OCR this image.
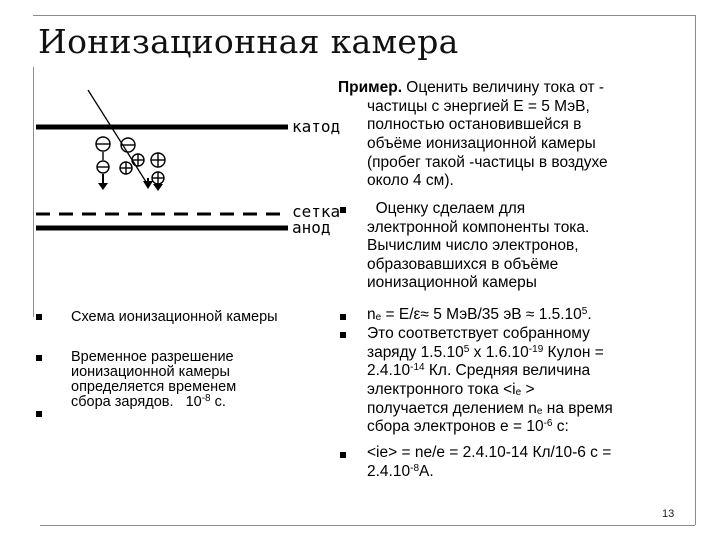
Ионизационная камера
катод
сетка
анод
Схема ионизационной камеры
Временное разрешение
ионизационной камеры
определяется временем
сбора зарядов.   $10^{-8}$ с.
Пример. Оценить величину тока от -
частицы с энергией Е = 5 МэВ,
полностью остановившейся в
объёме ионизационной камеры
(пробег такой -частицы в воздухе
около 4 см).
Оценку сделаем для
электронной компоненты тока.
Вычислим число электронов,
образовавшихся в объёме
ионизационной камеры
$n_e = Е/\varepsilon\approx 5$ МэВ/35 эВ ≈ $1.5.10^5$.
Это соответствует собранному
заряду 1.5.10$^5$ х $1.6.10^{-19}$ Кулон =
$2.4.10^{-14}$ Кл. Средняя величина
электронного тока $<i_e$ >
получается делением $n_e$ на время
сбора электронов $e = 10^{-6}$ с:
<ie> = ne/e = 2.4.10-14 Кл/10-6 с =
$2.4.10^{-8}А$.
13
